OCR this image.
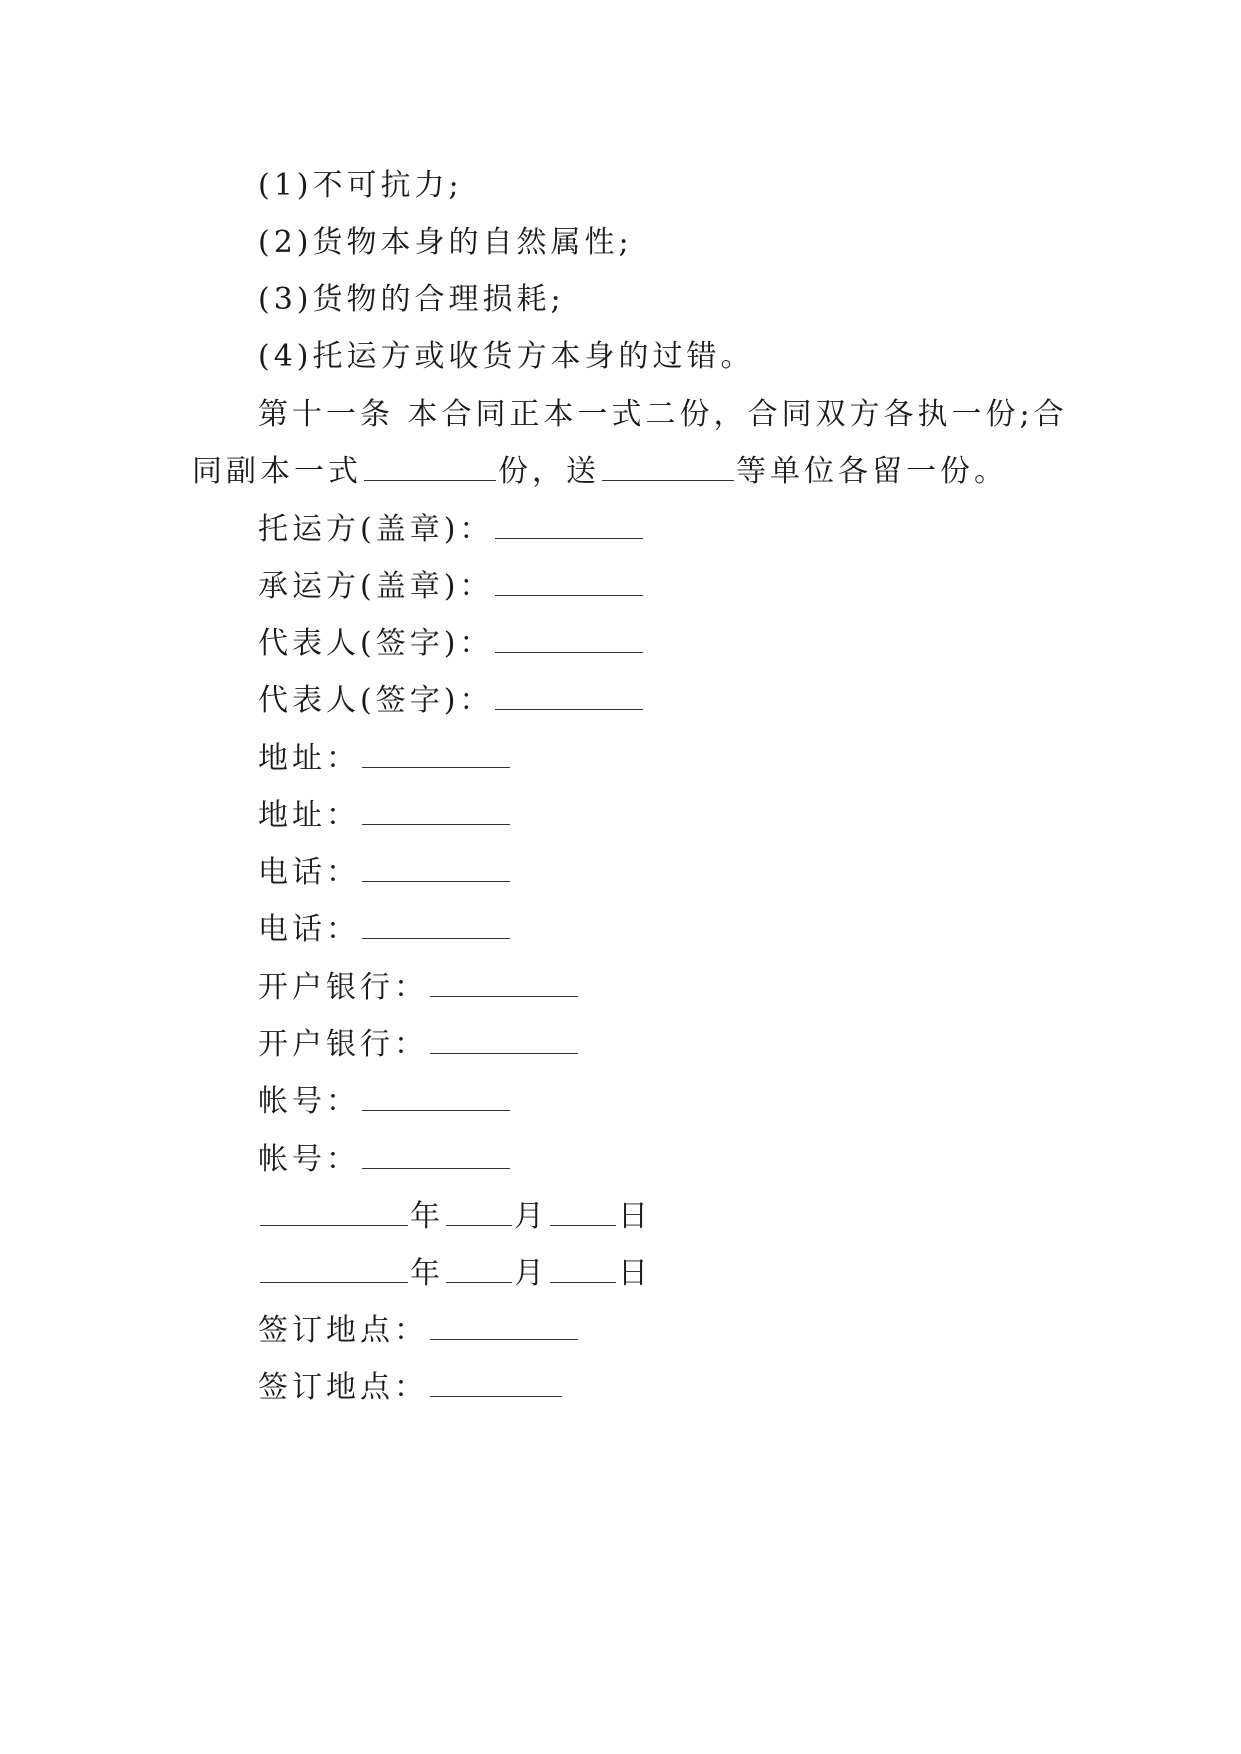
(1)不可抗力;
(2)货物本身的自然属性;
(3)货物的合理损耗;
(4)托运方或收货方本身的过错。
第十一条 本合同正本一式二份，合同双方各执一份;合
同副本一式	份，送	等单位各留一份。
托运方(盖章)：
承运方(盖章)：
代表人(签字)：
代表人(签字)：
地址：
地址：
电话：
电话：
开户银行：
开户银行：
帐号：
帐号：
年 月 日
年 月 日
签订地点：
签订地点：
